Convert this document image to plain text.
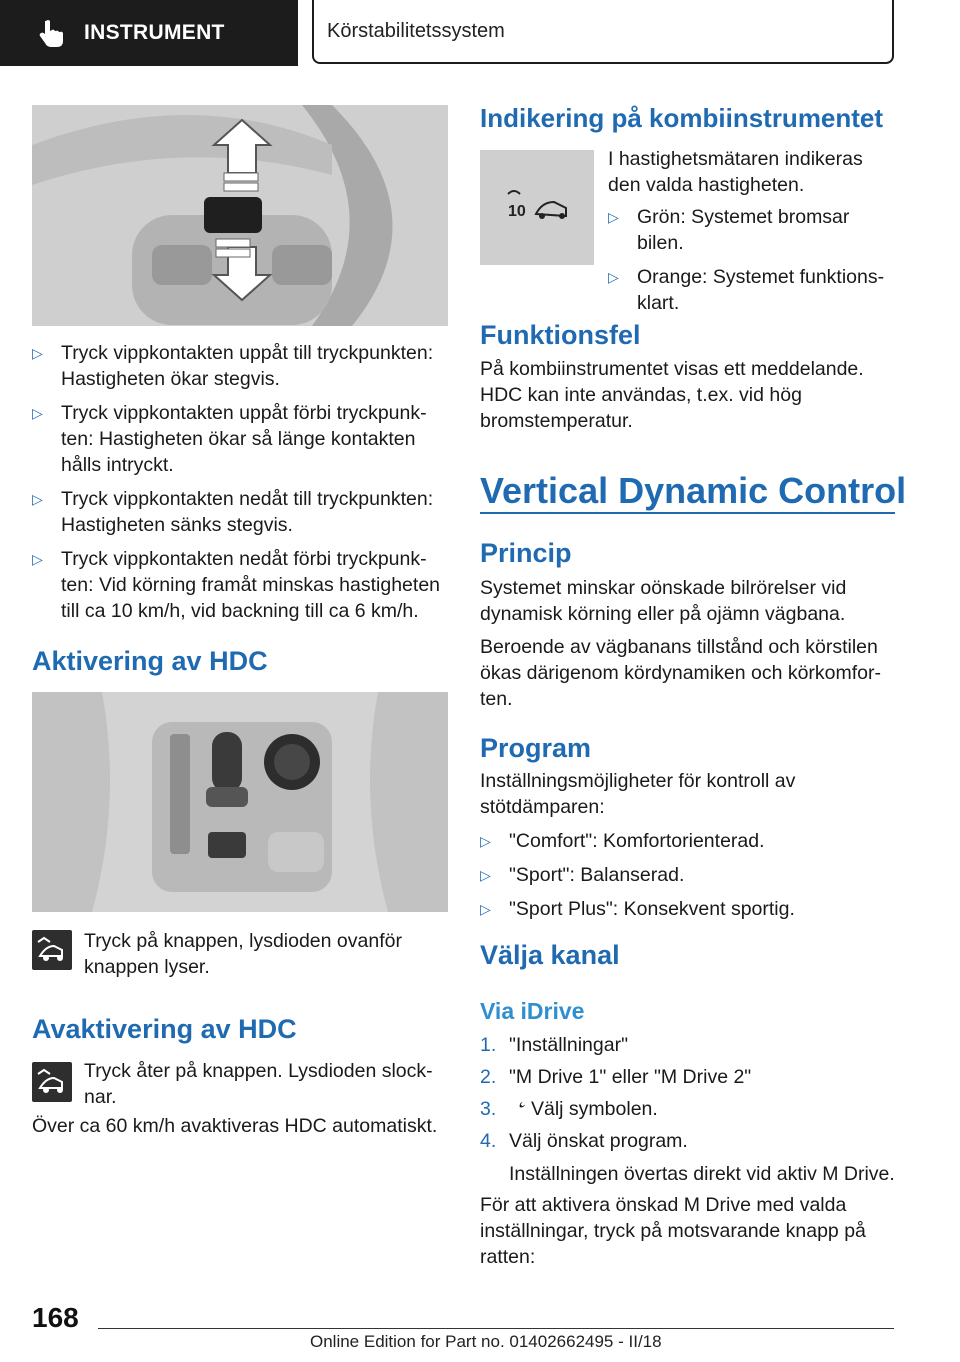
INSTRUMENT	Körstabilitetssystem
▷ Tryck vippkontakten uppåt till tryckpunkten: Hastigheten ökar stegvis.
▷ Tryck vippkontakten uppåt förbi tryckpunkten: Hastigheten ökar så länge kontakten hålls intryckt.
▷ Tryck vippkontakten nedåt till tryckpunkten: Hastigheten sänks stegvis.
▷ Tryck vippkontakten nedåt förbi tryckpunkten: Vid körning framåt minskas hastigheten till ca 10 km/h, vid backning till ca 6 km/h.
Aktivering av HDC

Tryck på knappen, lysdioden ovanför knappen lyser.

Avaktivering av HDC

Tryck åter på knappen. Lysdioden slocknar.

Över ca 60 km/h avaktiveras HDC automatiskt.

Indikering på kombiinstrumentet
10

I hastighetsmätaren indikeras den valda hastigheten.

▷ Grön: Systemet bromsar bilen.
▷ Orange: Systemet funktionsklart.
Funktionsfel

På kombiinstrumentet visas ett meddelande. HDC kan inte användas, t.ex. vid hög bromstemperatur.

Vertical Dynamic Control
Princip

Systemet minskar oönskade bilrörelser vid dynamisk körning eller på ojämn vägbana.

Beroende av vägbanans tillstånd och körstilen ökas därigenom kördynamiken och körkomforten.

Program

Inställningsmöjligheter för kontroll av stötdämparen:

▷ "Comfort": Komfortorienterad.
▷ "Sport": Balanserad.
▷ "Sport Plus": Konsekvent sportig.
Välja kanal
Via iDrive
1. "Inställningar"
2. "M Drive 1" eller "M Drive 2"
3. Välj symbolen.
4. Välj önskat program.

Inställningen övertas direkt vid aktiv M Drive.

För att aktivera önskad M Drive med valda inställningar, tryck på motsvarande knapp på ratten:

168
Online Edition for Part no. 01402662495 - II/18
